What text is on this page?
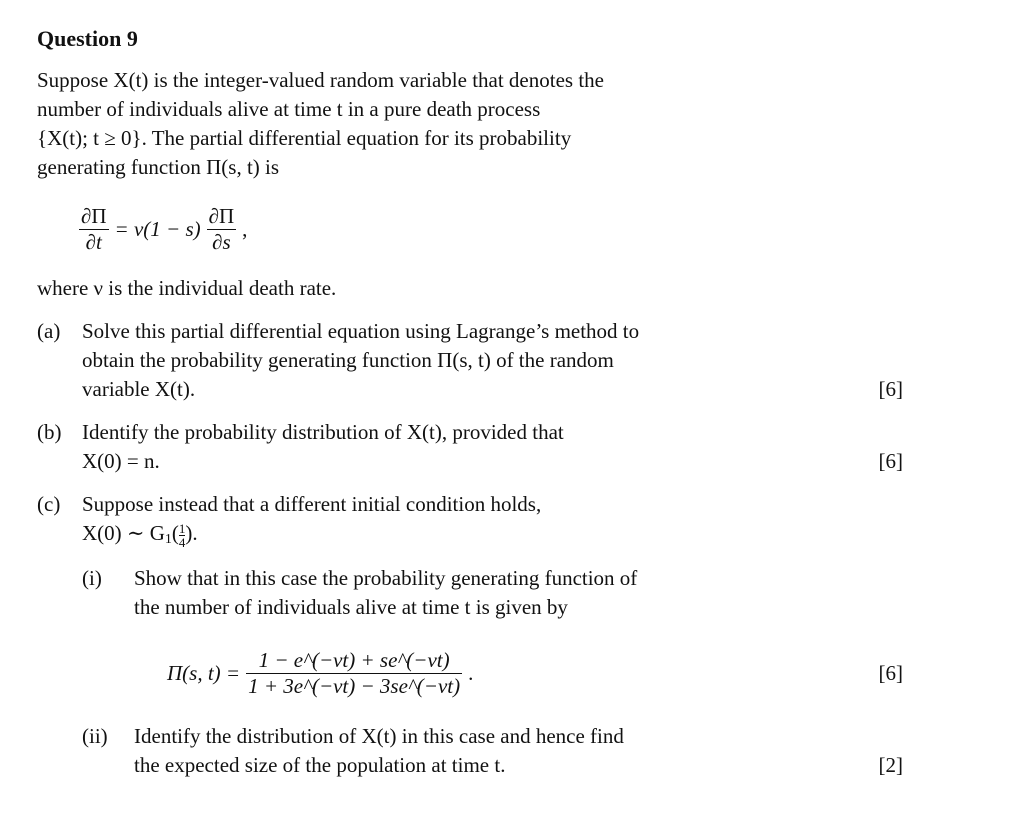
Question 9
Suppose X(t) is the integer-valued random variable that denotes the
number of individuals alive at time t in a pure death process
{X(t); t ≥ 0}. The partial differential equation for its probability
generating function Π(s, t) is
$\frac{\partial\Pi}{\partial t} = \nu(1 - s) \frac{\partial\Pi}{\partial s}$ ,
where ν is the individual death rate.
(a) Solve this partial differential equation using Lagrange’s method to
obtain the probability generating function Π(s, t) of the random
variable X(t).	[6]
(b) Identify the probability distribution of X(t), provided that
X(0) = n.	[6]
(c) Suppose instead that a different initial condition holds,
X(0) ∼ $G1( \frac{1}{4}$ ).
(i) Show that in this case the probability generating function of
the number of individuals alive at time t is given by
Π(s, $t) = \frac{1 - e\^{}(-\nu t) + se\^{}(-\nu t)}{1 + 3e\^{}(-\nu t) - 3se\^{}(-\nu t)}$ .	[6]
(ii) Identify the distribution of X(t) in this case and hence find
the expected size of the population at time t.	[2]
